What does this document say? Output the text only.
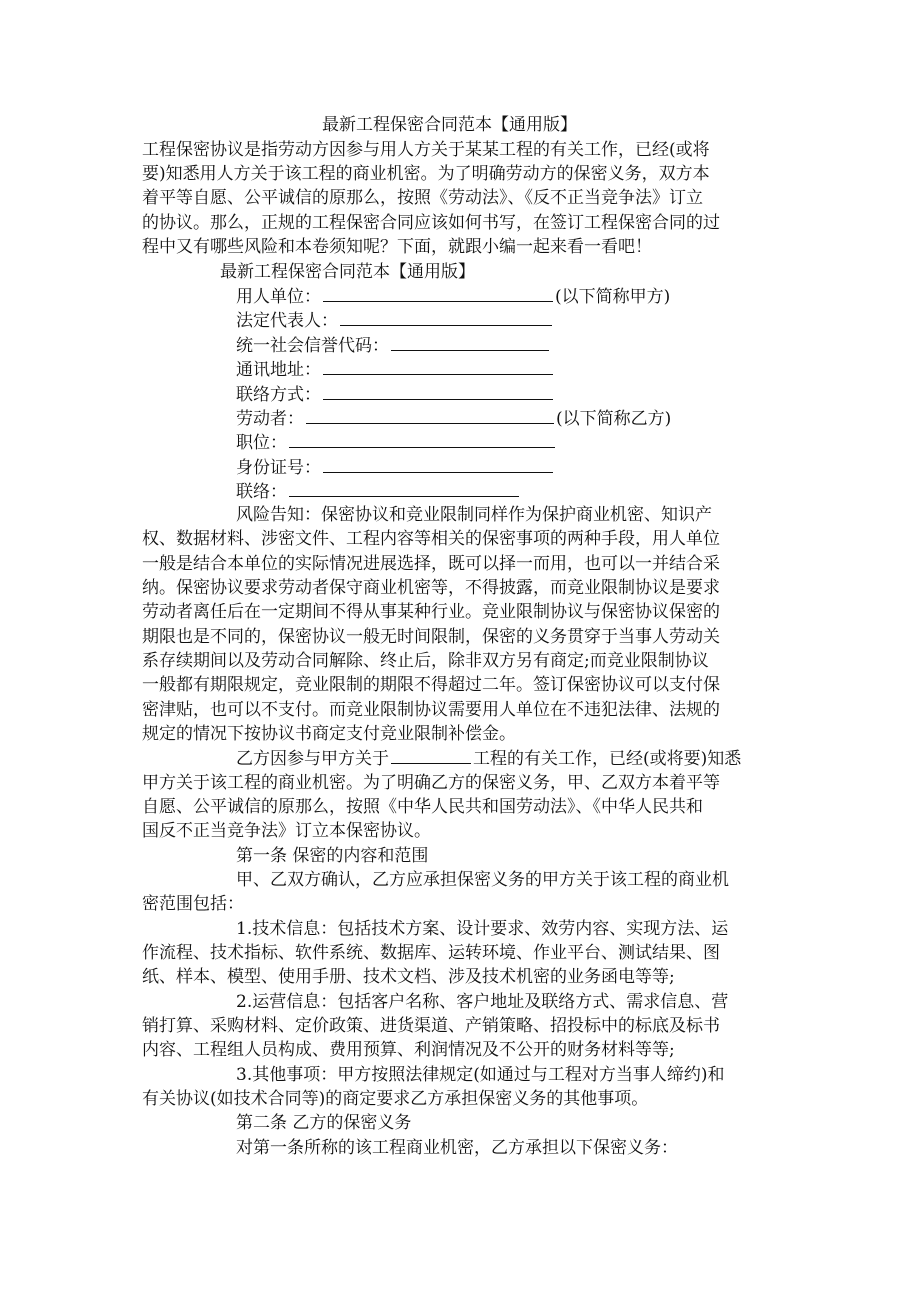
最新工程保密合同范本【通用版】
工程保密协议是指劳动方因参与用人方关于某某工程的有关工作，已经(或将
要)知悉用人方关于该工程的商业机密。为了明确劳动方的保密义务，双方本
着平等自愿、公平诚信的原那么，按照《劳动法》、《反不正当竞争法》订立
的协议。那么，正规的工程保密合同应该如何书写，在签订工程保密合同的过
程中又有哪些风险和本卷须知呢？下面，就跟小编一起来看一看吧！
最新工程保密合同范本【通用版】
用人单位：	(以下简称甲方)
法定代表人：
统一社会信誉代码：
通讯地址：
联络方式：
劳动者：	(以下简称乙方)
职位：
身份证号：
联络：
风险告知：保密协议和竞业限制同样作为保护商业机密、知识产
权、数据材料、涉密文件、工程内容等相关的保密事项的两种手段，用人单位
一般是结合本单位的实际情况进展选择，既可以择一而用，也可以一并结合采
纳。保密协议要求劳动者保守商业机密等，不得披露，而竞业限制协议是要求
劳动者离任后在一定期间不得从事某种行业。竞业限制协议与保密协议保密的
期限也是不同的，保密协议一般无时间限制，保密的义务贯穿于当事人劳动关
系存续期间以及劳动合同解除、终止后，除非双方另有商定;而竞业限制协议
一般都有期限规定，竞业限制的期限不得超过二年。签订保密协议可以支付保
密津贴，也可以不支付。而竞业限制协议需要用人单位在不违犯法律、法规的
规定的情况下按协议书商定支付竞业限制补偿金。
乙方因参与甲方关于	工程的有关工作，已经(或将要)知悉
甲方关于该工程的商业机密。为了明确乙方的保密义务，甲、乙双方本着平等
自愿、公平诚信的原那么，按照《中华人民共和国劳动法》、《中华人民共和
国反不正当竞争法》订立本保密协议。
第一条 保密的内容和范围
甲、乙双方确认，乙方应承担保密义务的甲方关于该工程的商业机
密范围包括：
1.技术信息：包括技术方案、设计要求、效劳内容、实现方法、运
作流程、技术指标、软件系统、数据库、运转环境、作业平台、测试结果、图
纸、样本、模型、使用手册、技术文档、涉及技术机密的业务函电等等;
2.运营信息：包括客户名称、客户地址及联络方式、需求信息、营
销打算、采购材料、定价政策、进货渠道、产销策略、招投标中的标底及标书
内容、工程组人员构成、费用预算、利润情况及不公开的财务材料等等;
3.其他事项：甲方按照法律规定(如通过与工程对方当事人缔约)和
有关协议(如技术合同等)的商定要求乙方承担保密义务的其他事项。
第二条 乙方的保密义务
对第一条所称的该工程商业机密，乙方承担以下保密义务：
